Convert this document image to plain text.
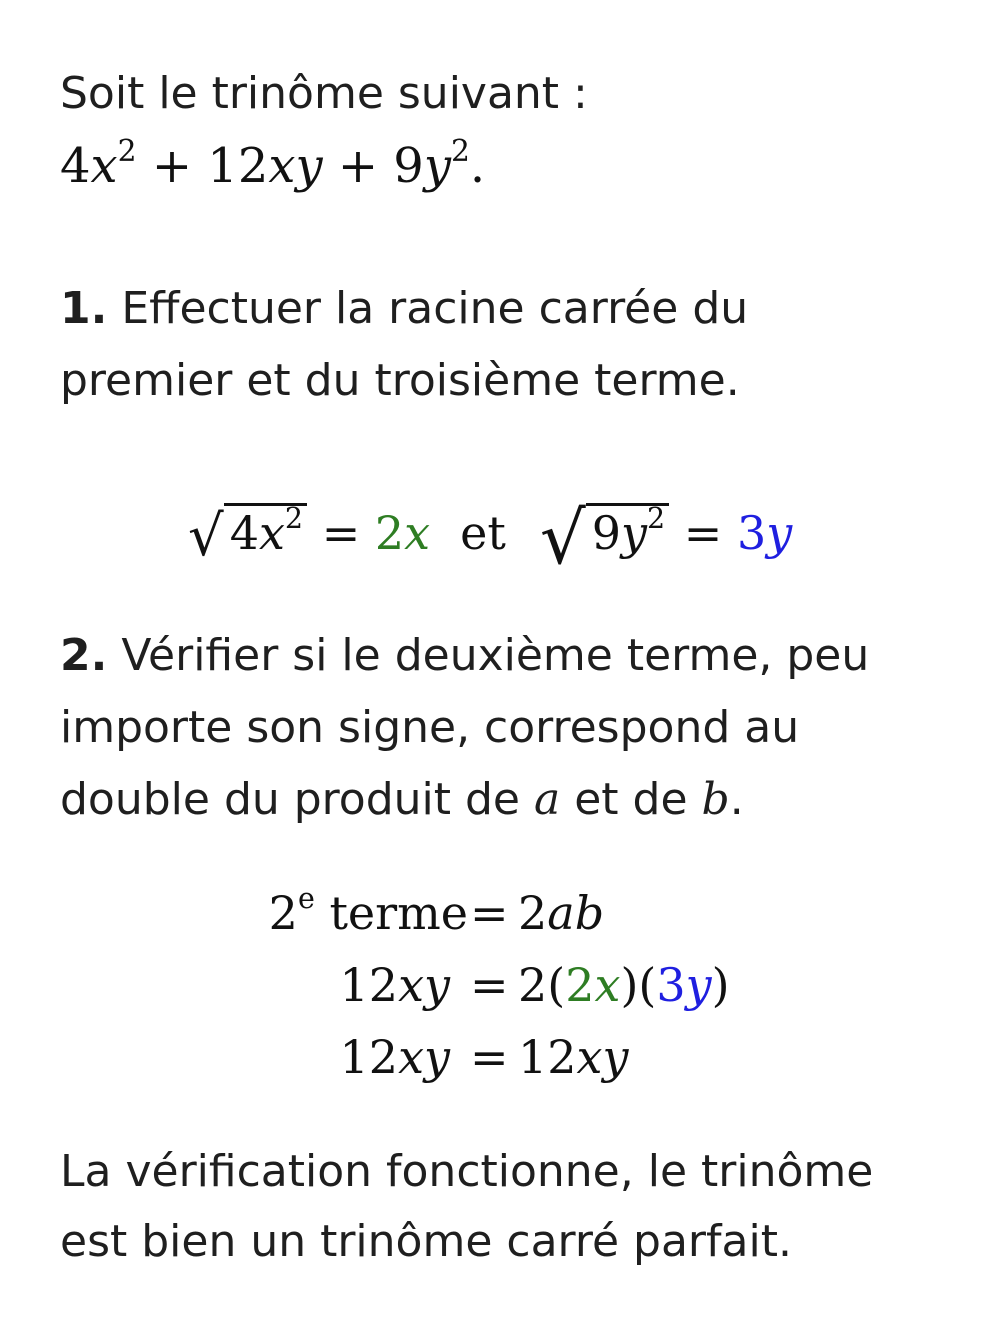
Soit le trinôme suivant :
$4x^2 + 12xy + 9y^2$.
1. Effectuer la racine carrée du
premier et du troisième terme.
√ $4x^2 = 2x$ et √ $9y^2 = 3y$
2. Vérifier si le deuxième terme, peu
importe son signe, correspond au
double du produit de a et de b.
2e terme = 2ab
12xy = 2(2x)(3y)
12xy = 12xy
La vérification fonctionne, le trinôme
est bien un trinôme carré parfait.
